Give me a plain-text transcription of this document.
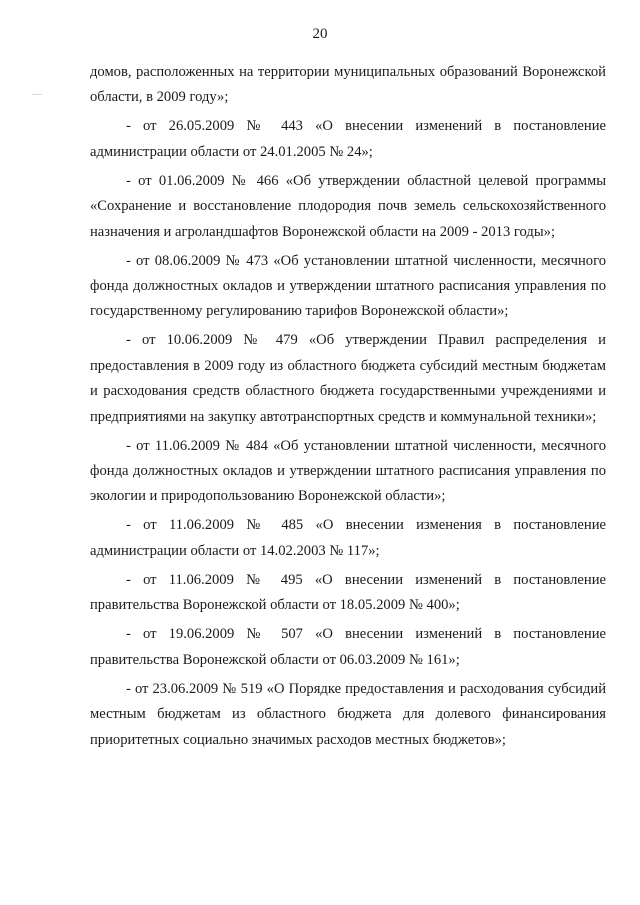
20

домов, расположенных на территории муниципальных образований Воронежской области, в 2009 году»;

- от 26.05.2009 № 443 «О внесении изменений в постановление администрации области от 24.01.2005 № 24»;

- от 01.06.2009 № 466 «Об утверждении областной целевой программы «Сохранение и восстановление плодородия почв земель сельскохозяйственного назначения и агроландшафтов Воронежской области на 2009 - 2013 годы»;

- от 08.06.2009 № 473 «Об установлении штатной численности, месячного фонда должностных окладов и утверждении штатного расписания управления по государственному регулированию тарифов Воронежской области»;

- от 10.06.2009 № 479 «Об утверждении Правил распределения и предоставления в 2009 году из областного бюджета субсидий местным бюджетам и расходования средств областного бюджета государственными учреждениями и предприятиями на закупку автотранспортных средств и коммунальной техники»;

- от 11.06.2009 № 484 «Об установлении штатной численности, месячного фонда должностных окладов и утверждении штатного расписания управления по экологии и природопользованию Воронежской области»;

- от 11.06.2009 № 485 «О внесении изменения в постановление администрации области от 14.02.2003 № 117»;

- от 11.06.2009 № 495 «О внесении изменений в постановление правительства Воронежской области от 18.05.2009 № 400»;

- от 19.06.2009 № 507 «О внесении изменений в постановление правительства Воронежской области от 06.03.2009 № 161»;

- от 23.06.2009 № 519 «О Порядке предоставления и расходования субсидий местным бюджетам из областного бюджета для долевого финансирования приоритетных социально значимых расходов местных бюджетов»;
